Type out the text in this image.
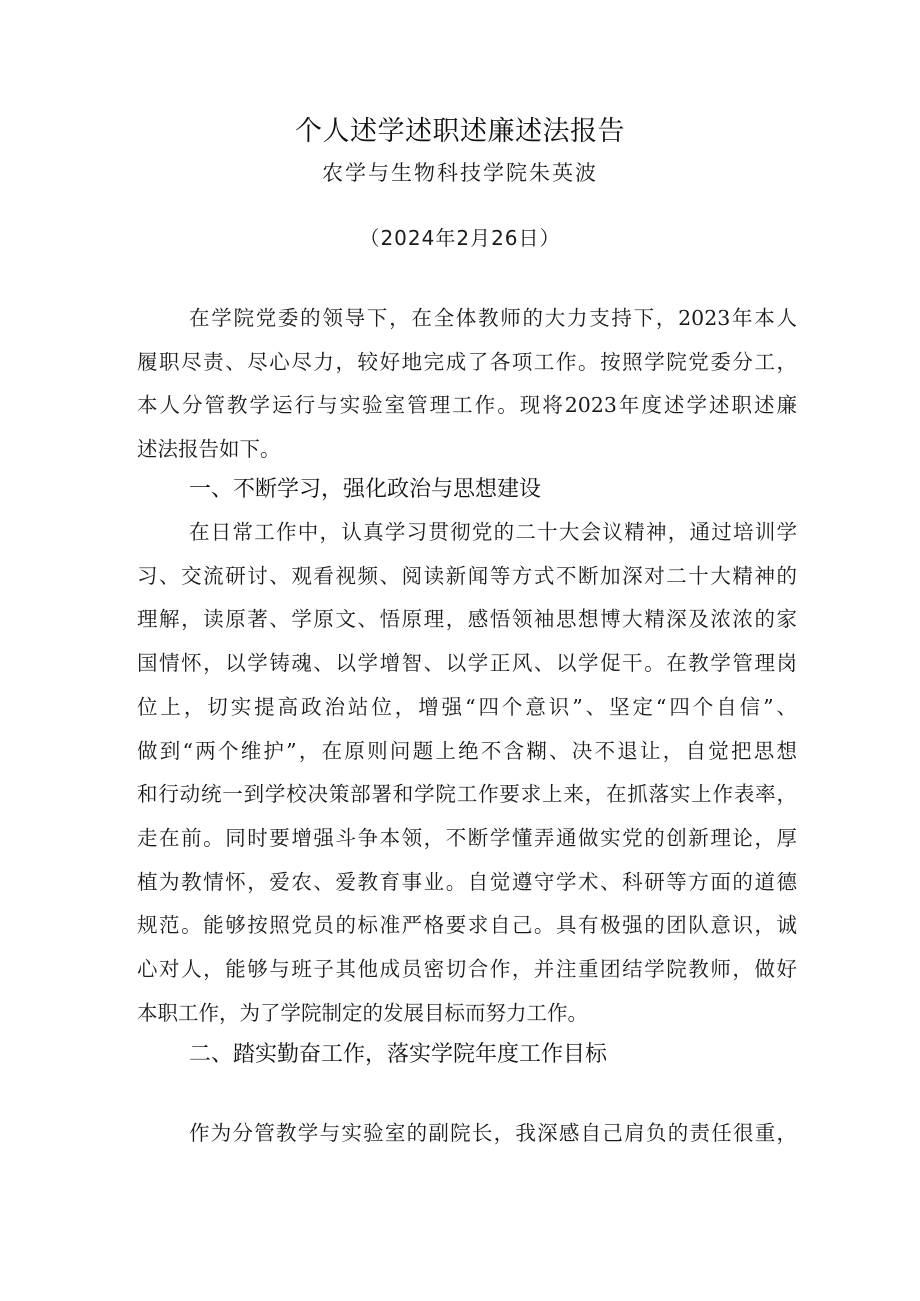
个人述学述职述廉述法报告
农学与生物科技学院朱英波
（2024年2月26日）
在学院党委的领导下，在全体教师的大力支持下，2023年本人
履职尽责、尽心尽力，较好地完成了各项工作。按照学院党委分工，
本人分管教学运行与实验室管理工作。现将2023年度述学述职述廉
述法报告如下。
一、不断学习，强化政治与思想建设
在日常工作中，认真学习贯彻党的二十大会议精神，通过培训学
习、交流研讨、观看视频、阅读新闻等方式不断加深对二十大精神的
理解，读原著、学原文、悟原理，感悟领袖思想博大精深及浓浓的家
国情怀，以学铸魂、以学增智、以学正风、以学促干。在教学管理岗
位上，切实提高政治站位，增强“四个意识”、坚定“四个自信”、
做到“两个维护”，在原则问题上绝不含糊、决不退让，自觉把思想
和行动统一到学校决策部署和学院工作要求上来，在抓落实上作表率，
走在前。同时要增强斗争本领，不断学懂弄通做实党的创新理论，厚
植为教情怀，爱农、爱教育事业。自觉遵守学术、科研等方面的道德
规范。能够按照党员的标准严格要求自己。具有极强的团队意识，诚
心对人，能够与班子其他成员密切合作，并注重团结学院教师，做好
本职工作，为了学院制定的发展目标而努力工作。
二、踏实勤奋工作，落实学院年度工作目标
作为分管教学与实验室的副院长，我深感自己肩负的责任很重，
